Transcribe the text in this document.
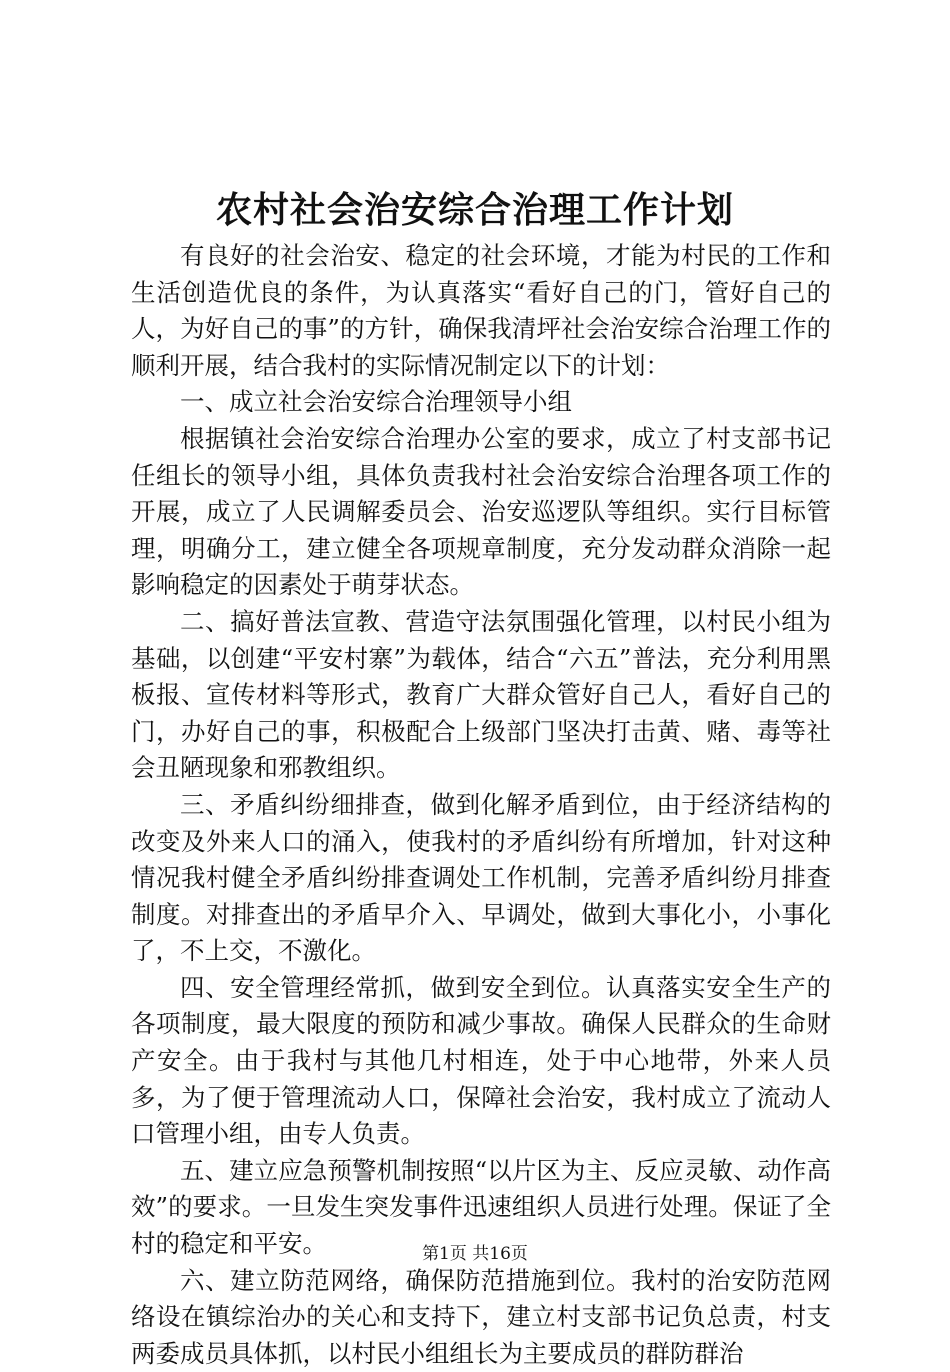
农村社会治安综合治理工作计划

有良好的社会治安、稳定的社会环境，才能为村民的工作和生活创造优良的条件，为认真落实“看好自己的门，管好自己的人，为好自己的事”的方针，确保我清坪社会治安综合治理工作的顺利开展，结合我村的实际情况制定以下的计划：

一、成立社会治安综合治理领导小组

根据镇社会治安综合治理办公室的要求，成立了村支部书记任组长的领导小组，具体负责我村社会治安综合治理各项工作的开展，成立了人民调解委员会、治安巡逻队等组织。实行目标管理，明确分工，建立健全各项规章制度，充分发动群众消除一起影响稳定的因素处于萌芽状态。

二、搞好普法宣教、营造守法氛围强化管理，以村民小组为基础，以创建“平安村寨”为载体，结合“六五”普法，充分利用黑板报、宣传材料等形式，教育广大群众管好自己人，看好自己的门，办好自己的事，积极配合上级部门坚决打击黄、赌、毒等社会丑陋现象和邪教组织。

三、矛盾纠纷细排查，做到化解矛盾到位，由于经济结构的改变及外来人口的涌入，使我村的矛盾纠纷有所增加，针对这种情况我村健全矛盾纠纷排查调处工作机制，完善矛盾纠纷月排查制度。对排查出的矛盾早介入、早调处，做到大事化小，小事化了，不上交，不激化。

四、安全管理经常抓，做到安全到位。认真落实安全生产的各项制度，最大限度的预防和减少事故。确保人民群众的生命财产安全。由于我村与其他几村相连，处于中心地带，外来人员多，为了便于管理流动人口，保障社会治安，我村成立了流动人口管理小组，由专人负责。

五、建立应急预警机制按照“以片区为主、反应灵敏、动作高效”的要求。一旦发生突发事件迅速组织人员进行处理。保证了全村的稳定和平安。

六、建立防范网络，确保防范措施到位。我村的治安防范网络设在镇综治办的关心和支持下，建立村支部书记负总责，村支两委成员具体抓，以村民小组组长为主要成员的群防群治

第1页 共16页
